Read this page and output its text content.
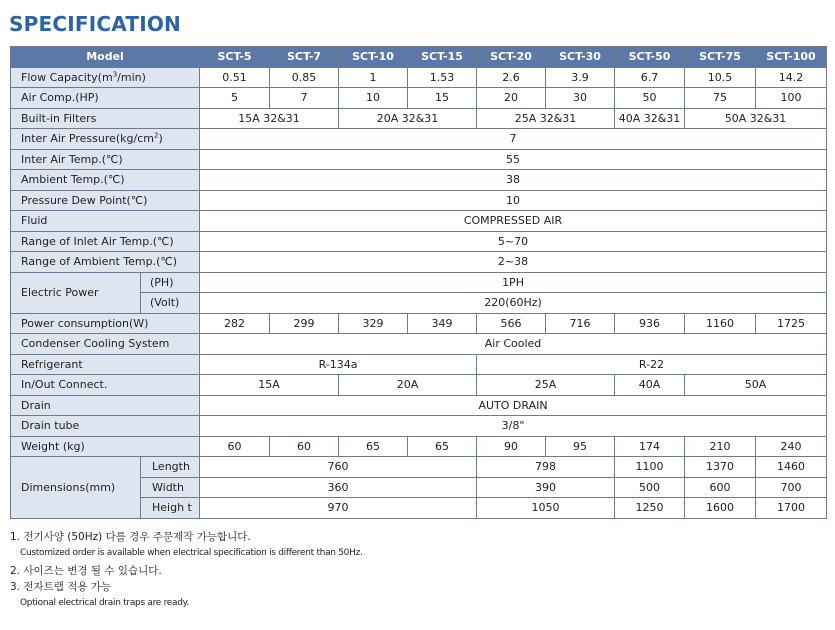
SPECIFICATION
Model		SCT-5	SCT-7	SCT-10	SCT-15	SCT-20	SCT-30	SCT-50	SCT-75	SCT-100
Flow $Capacity(m^3/\min)$		0.51	0.85	1	1.53	2.6	3.9	6.7	10.5	14.2
Air Comp.(HP)		5	7	10	15	20	30	50	75	100
Built-in Filters		15A 32&31		20A 32&31		25A 32&31		40A 32&31	50A 32&31	
Inter Air $Pressure(kg/cm^2)$		7								
Inter Air Temp.(℃)		55								
Ambient Temp.(℃)		38								
Pressure Dew Point(℃)		10								
Fluid		COMPRESSED AIR								
Range of Inlet Air Temp.(℃)		5~70								
Range of Ambient Temp.(℃)		2~38								
Electric Power	(PH)	1PH								
	(Volt)	220(60Hz)								
Power consumption(W)		282	299	329	349	566	716	936	1160	1725
Condenser Cooling System		Air Cooled								
Refrigerant		R-134a				R-22				
In/Out Connect.		15A		20A		25A		40A	50A	
Drain		AUTO DRAIN								
Drain tube		3/8"								
Weight (kg)		60	60	65	65	90	95	174	210	240
Dimensions(mm)	Length	760				798		1100	1370	1460
	Width	360				390		500	600	700
	Heigh t	970				1050		1250	1600	1700
1. 전기사양 (50Hz) 다를 경우 주문제작 가능합니다.
Customized order is available when electrical specification is different than 50Hz.
2. 사이즈는 변경 될 수 있습니다.
3. 전자트랩 적용 가능
Optional electrical drain traps are ready.
